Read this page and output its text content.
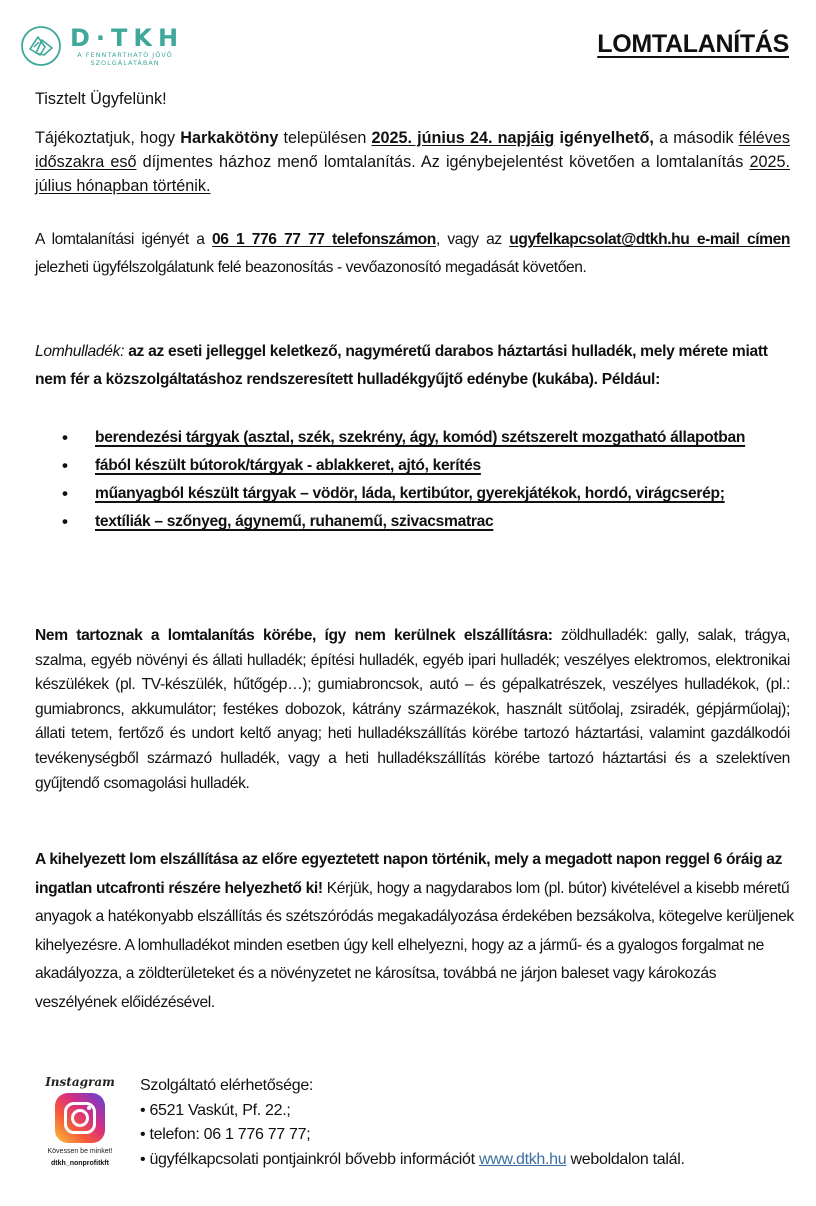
D·TKH
A FENNTARTHATÓ JÖVŐ
SZOLGÁLATÁBAN
LOMTALANÍTÁS
Tisztelt Ügyfelünk!
Tájékoztatjuk, hogy Harkakötöny településen 2025. június 24. napjáig igényelhető, a második féléves időszakra eső díjmentes házhoz menő lomtalanítás. Az igénybejelentést követően a lomtalanítás 2025. július hónapban történik.
A lomtalanítási igényét a 06 1 776 77 77 telefonszámon, vagy az ugyfelkapcsolat@dtkh.hu e-mail címen jelezheti ügyfélszolgálatunk felé beazonosítás - vevőazonosító megadását követően.
Lomhulladék: az az eseti jelleggel keletkező, nagyméretű darabos háztartási hulladék, mely mérete miatt nem fér a közszolgáltatáshoz rendszeresített hulladékgyűjtő edénybe (kukába). Például:
• berendezési tárgyak (asztal, szék, szekrény, ágy, komód) szétszerelt mozgatható állapotban
• fából készült bútorok/tárgyak - ablakkeret, ajtó, kerítés
• műanyagból készült tárgyak – vödör, láda, kertibútor, gyerekjátékok, hordó, virágcserép;
• textíliák – szőnyeg, ágynemű, ruhanemű, szivacsmatrac
Nem tartoznak a lomtalanítás körébe, így nem kerülnek elszállításra: zöldhulladék: gally, salak, trágya, szalma, egyéb növényi és állati hulladék; építési hulladék, egyéb ipari hulladék; veszélyes elektromos, elektronikai készülékek (pl. TV-készülék, hűtőgép…); gumiabroncsok, autó – és gépalkatrészek, veszélyes hulladékok, (pl.: gumiabroncs, akkumulátor; festékes dobozok, kátrány származékok, használt sütőolaj, zsiradék, gépjárműolaj); állati tetem, fertőző és undort keltő anyag; heti hulladékszállítás körébe tartozó háztartási, valamint gazdálkodói tevékenységből származó hulladék, vagy a heti hulladékszállítás körébe tartozó háztartási és a szelektíven gyűjtendő csomagolási hulladék.
A kihelyezett lom elszállítása az előre egyeztetett napon történik, mely a megadott napon reggel 6 óráig az ingatlan utcafronti részére helyezhető ki! Kérjük, hogy a nagydarabos lom (pl. bútor) kivételével a kisebb méretű anyagok a hatékonyabb elszállítás és szétszóródás megakadályozása érdekében bezsákolva, kötegelve kerüljenek kihelyezésre. A lomhulladékot minden esetben úgy kell elhelyezni, hogy az a jármű- és a gyalogos forgalmat ne akadályozza, a zöldterületeket és a növényzetet ne károsítsa, továbbá ne járjon baleset vagy károkozás veszélyének előidézésével.
Instagram
Kövessen be minket!
dtkh_nonprofitkft
Szolgáltató elérhetősége:
• 6521 Vaskút, Pf. 22.;
• telefon: 06 1 776 77 77;
• ügyfélkapcsolati pontjainkról bővebb információt www.dtkh.hu weboldalon talál.
